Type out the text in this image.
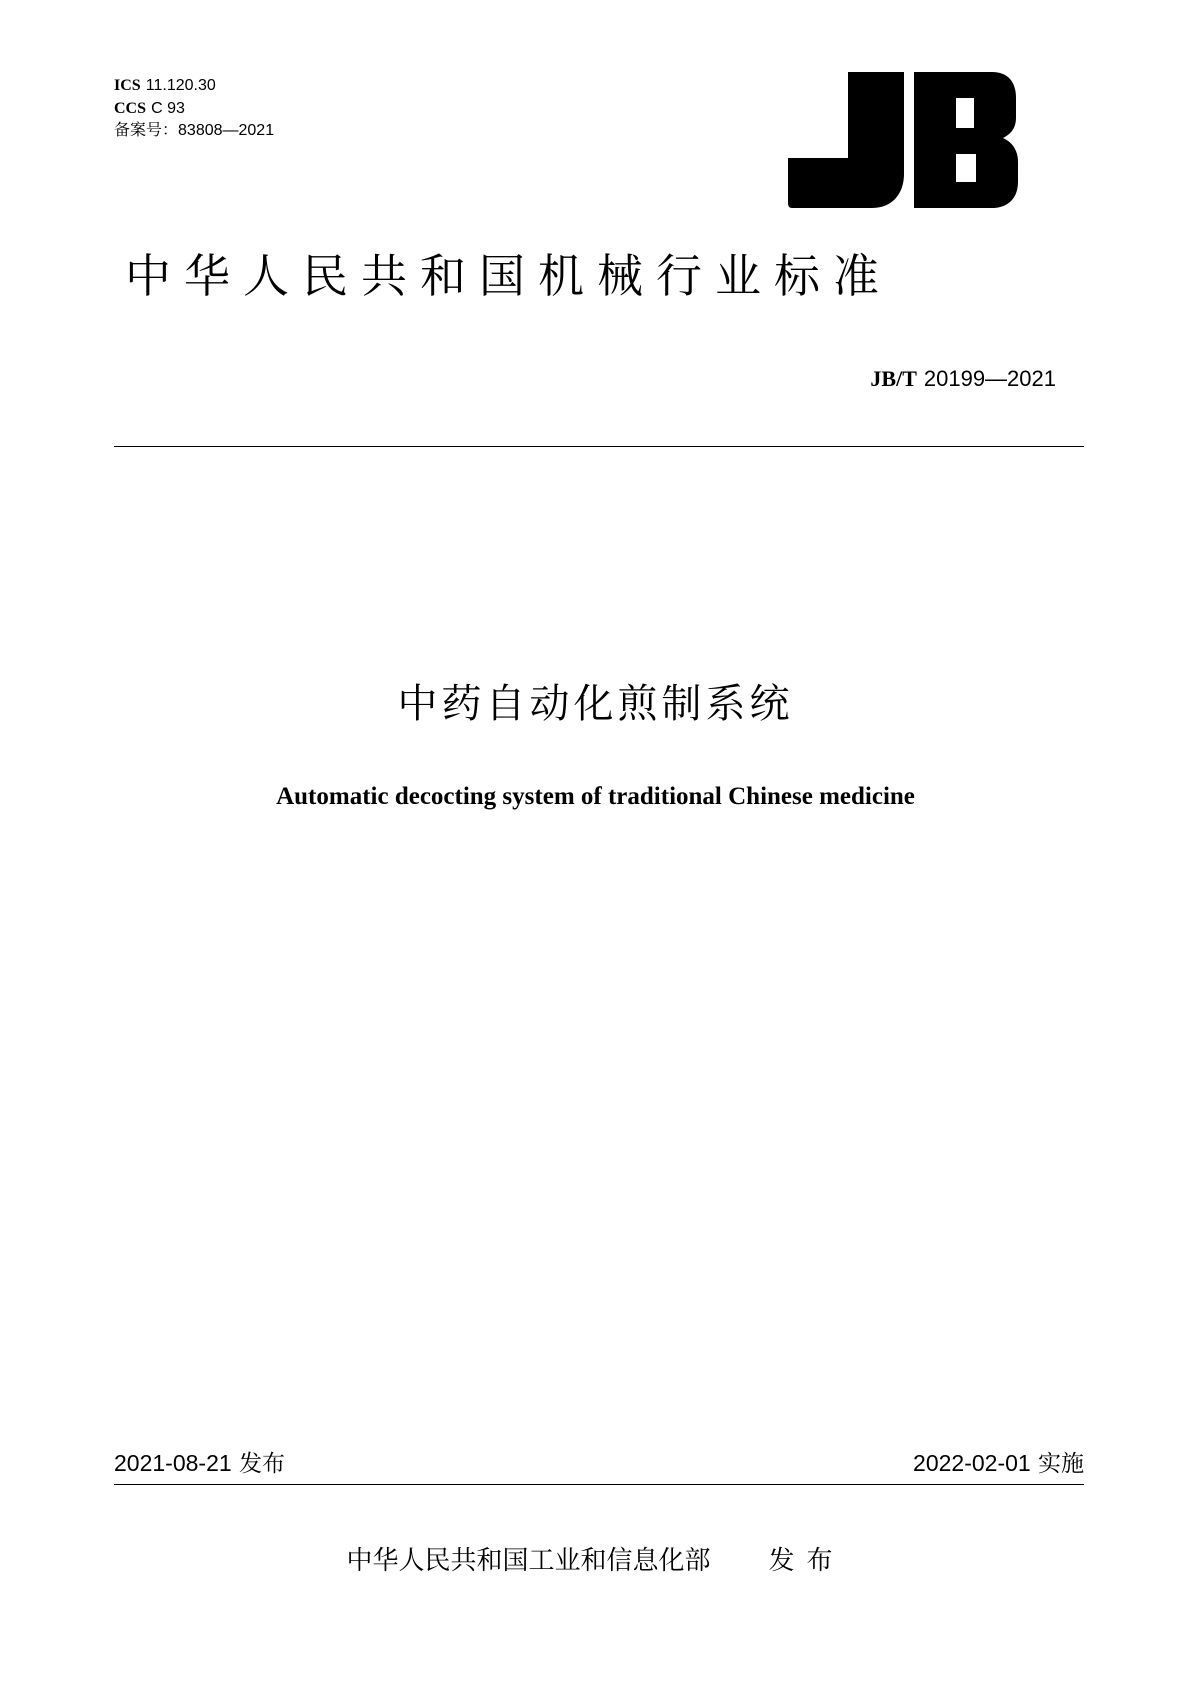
ICS 11.120.30
CCS C 93
备案号：83808—2021
中华人民共和国机械行业标准
JB/T 20199—2021
中药自动化煎制系统
Automatic decocting system of traditional Chinese medicine
2021-08-21 发布	2022-02-01 实施
中华人民共和国工业和信息化部 发布
